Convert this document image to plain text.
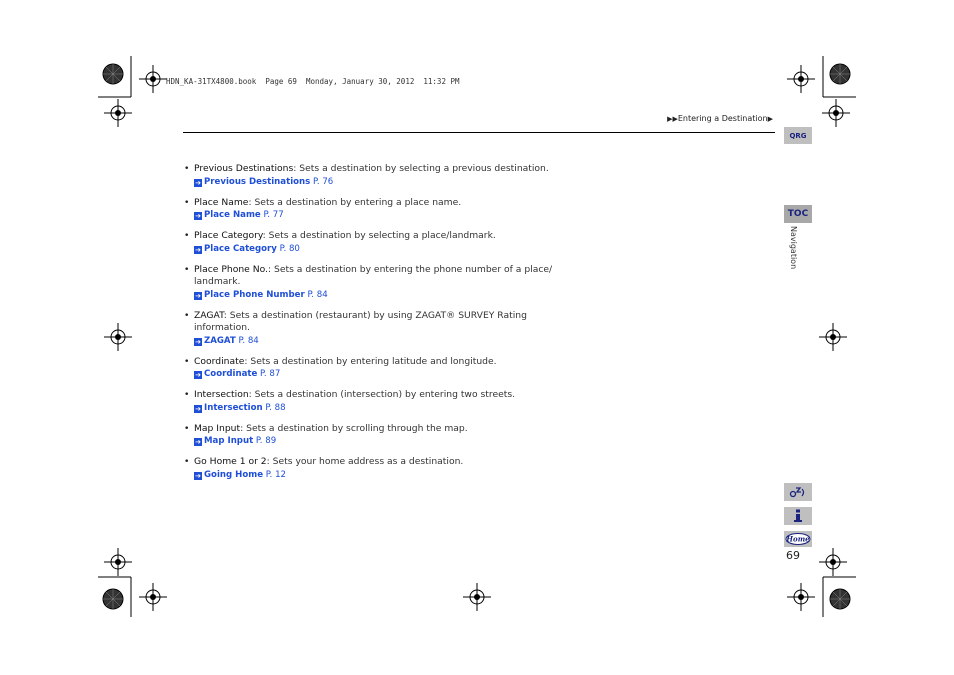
HDN_KA-31TX4800.book  Page 69  Monday, January 30, 2012  11:32 PM
▶▶Entering a Destination▶
QRG
TOC
Navigation
Home
69
• Previous Destinations: Sets a destination by selecting a previous destination.
➔ Previous Destinations P. 76
• Place Name: Sets a destination by entering a place name.
➔ Place Name P. 77
• Place Category: Sets a destination by selecting a place/landmark.
➔ Place Category P. 80
• Place Phone No.: Sets a destination by entering the phone number of a place/ landmark.
➔ Place Phone Number P. 84
• ZAGAT: Sets a destination (restaurant) by using ZAGAT® SURVEY Rating information.
➔ ZAGAT P. 84
• Coordinate: Sets a destination by entering latitude and longitude.
➔ Coordinate P. 87
• Intersection: Sets a destination (intersection) by entering two streets.
➔ Intersection P. 88
• Map Input: Sets a destination by scrolling through the map.
➔ Map Input P. 89
• Go Home 1 or 2: Sets your home address as a destination.
➔ Going Home P. 12
